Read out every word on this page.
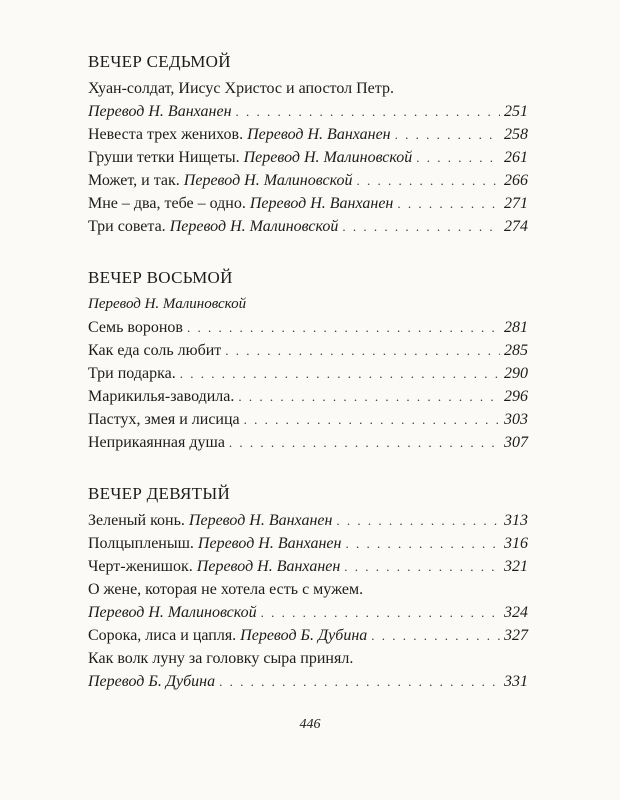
ВЕЧЕР СЕДЬМОЙ
Хуан-солдат, Иисус Христос и апостол Петр.
Перевод Н. Ванханен . . .	251
Невеста трех женихов. Перевод Н. Ванханен . . .	258
Груши тетки Нищеты. Перевод Н. Малиновской . . .	261
Может, и так. Перевод Н. Малиновской . . .	266
Мне – два, тебе – одно. Перевод Н. Ванханен . . .	271
Три совета. Перевод Н. Малиновской . . .	274
ВЕЧЕР ВОСЬМОЙ
Перевод Н. Малиновской
Семь воронов . . .	281
Как еда соль любит . . .	285
Три подарка. . . .	290
Марикилья-заводила. . . .	296
Пастух, змея и лисица . . .	303
Неприкаянная душа . . .	307
ВЕЧЕР ДЕВЯТЫЙ
Зеленый конь. Перевод Н. Ванханен . . .	313
Полцыпленыш. Перевод Н. Ванханен . . .	316
Черт-женишок. Перевод Н. Ванханен . . .	321
О жене, которая не хотела есть с мужем.
Перевод Н. Малиновской . . .	324
Сорока, лиса и цапля. Перевод Б. Дубина . . .	327
Как волк луну за головку сыра принял.
Перевод Б. Дубина . . .	331
446
